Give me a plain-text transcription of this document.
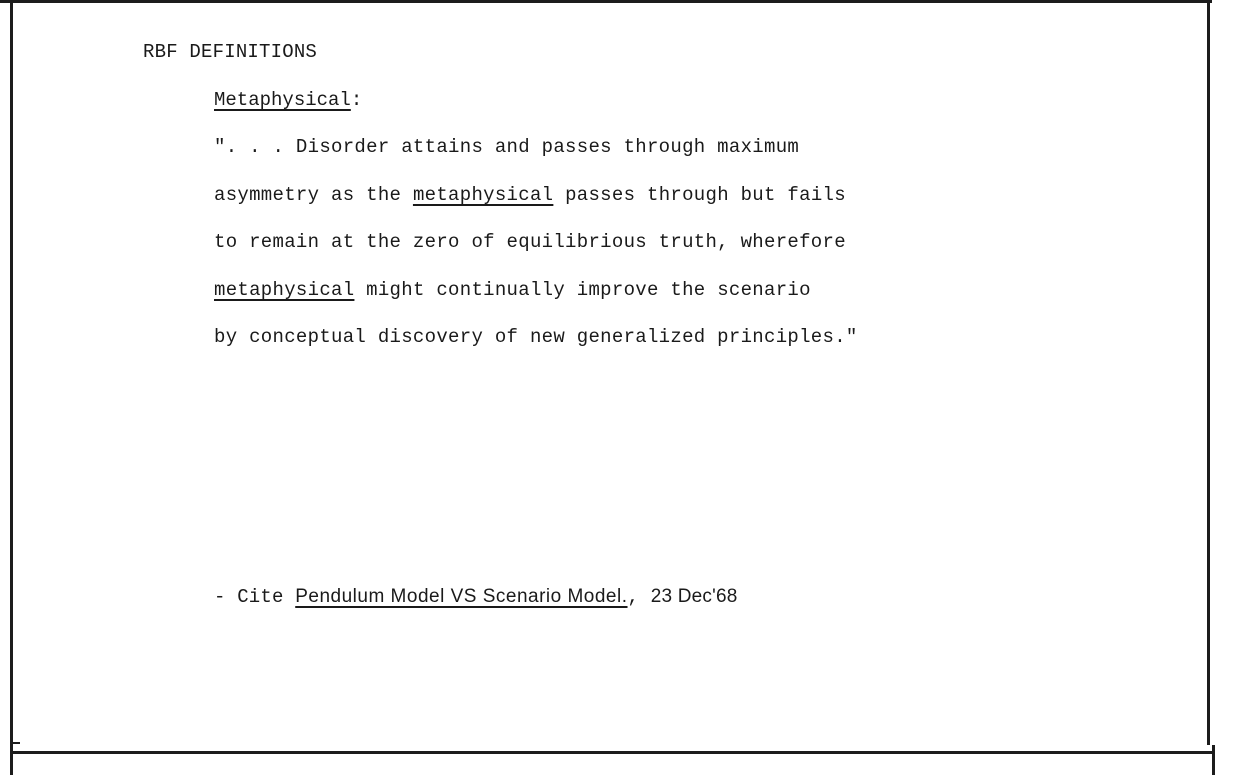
RBF DEFINITIONS
Metaphysical:
". . . Disorder attains and passes through maximum
asymmetry as the metaphysical passes through but fails
to remain at the zero of equilibrious truth, wherefore
metaphysical might continually improve the scenario
by conceptual discovery of new generalized principles."
- Cite Pendulum Model VS Scenario Model., 23 Dec'68
